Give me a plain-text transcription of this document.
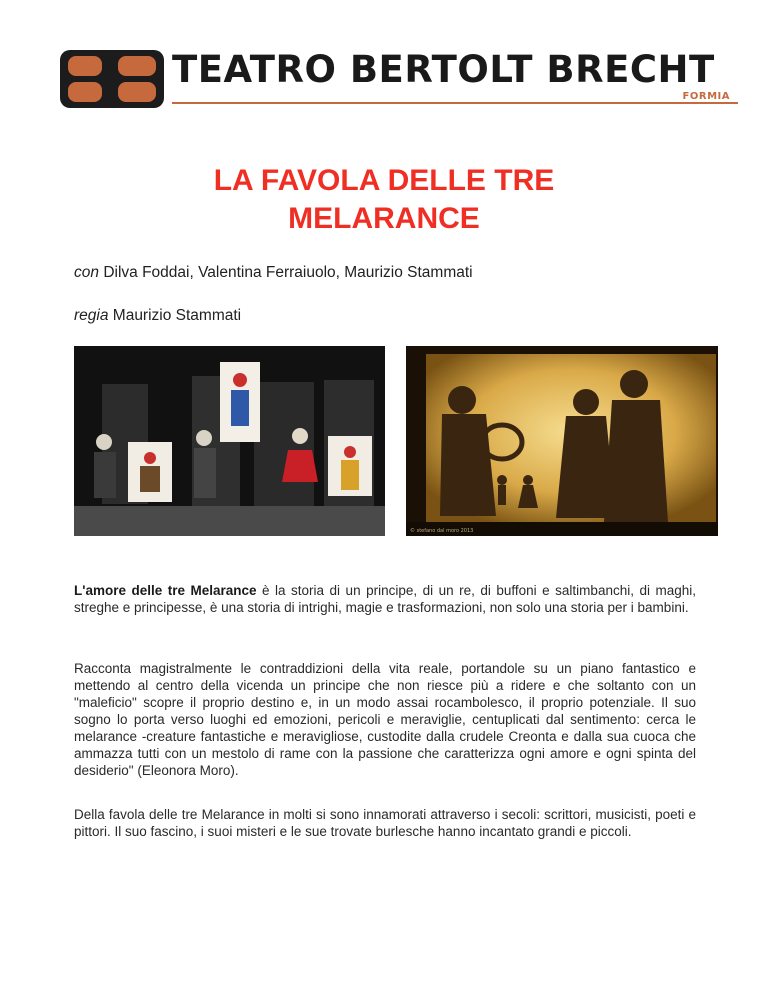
TEATRO BERTOLT BRECHT
FORMIA
LA FAVOLA DELLE TRE
MELARANCE
con Dilva Foddai, Valentina Ferraiuolo, Maurizio Stammati
regia Maurizio Stammati
© stefano dal moro 2013
L'amore delle tre Melarance è la storia di un principe, di un re, di buffoni e saltimbanchi, di maghi, streghe e principesse, è una storia di intrighi, magie e trasformazioni, non solo una storia per i bambini.
Racconta magistralmente le contraddizioni della vita reale, portandole su un piano fantastico e mettendo al centro della vicenda un principe che non riesce più a ridere e che soltanto con un "maleficio" scopre il proprio destino e, in un modo assai rocambolesco, il proprio potenziale. Il suo sogno lo porta verso luoghi ed emozioni, pericoli e meraviglie, centuplicati dal sentimento: cerca le melarance -creature fantastiche e meravigliose, custodite dalla crudele Creonta e dalla sua cuoca che ammazza tutti con un mestolo di rame con la passione che caratterizza ogni amore e ogni spinta del desiderio" (Eleonora Moro).
Della favola delle tre Melarance in molti si sono innamorati attraverso i secoli: scrittori, musicisti, poeti e pittori. Il suo fascino, i suoi misteri e le sue trovate burlesche hanno incantato grandi e piccoli.
